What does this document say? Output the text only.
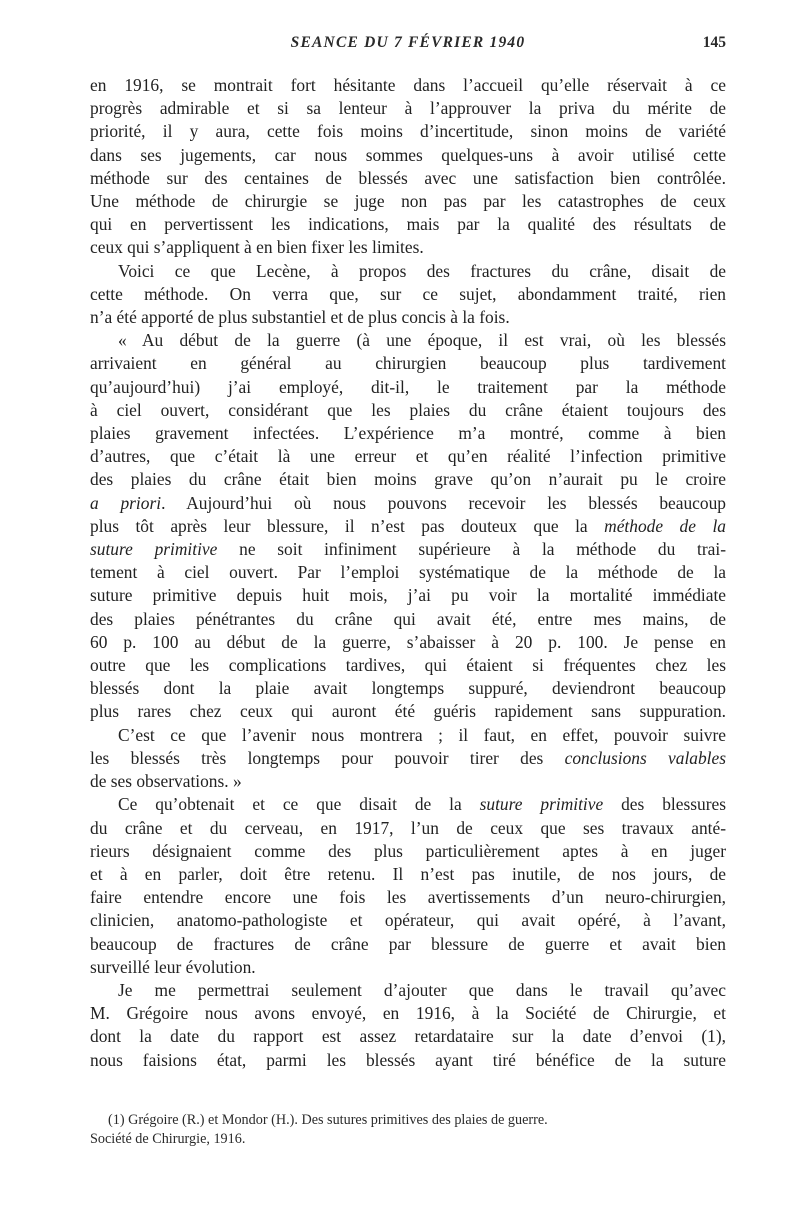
SEANCE DU 7 FÉVRIER 1940	145
en 1916, se montrait fort hésitante dans l’accueil qu’elle réservait à ce
progrès admirable et si sa lenteur à l’approuver la priva du mérite de
priorité, il y aura, cette fois moins d’incertitude, sinon moins de variété
dans ses jugements, car nous sommes quelques-uns à avoir utilisé cette
méthode sur des centaines de blessés avec une satisfaction bien contrôlée.
Une méthode de chirurgie se juge non pas par les catastrophes de ceux
qui en pervertissent les indications, mais par la qualité des résultats de
ceux qui s’appliquent à en bien fixer les limites.
Voici ce que Lecène, à propos des fractures du crâne, disait de
cette méthode. On verra que, sur ce sujet, abondamment traité, rien
n’a été apporté de plus substantiel et de plus concis à la fois.
« Au début de la guerre (à une époque, il est vrai, où les blessés
arrivaient en général au chirurgien beaucoup plus tardivement
qu’aujourd’hui) j’ai employé, dit-il, le traitement par la méthode
à ciel ouvert, considérant que les plaies du crâne étaient toujours des
plaies gravement infectées. L’expérience m’a montré, comme à bien
d’autres, que c’était là une erreur et qu’en réalité l’infection primitive
des plaies du crâne était bien moins grave qu’on n’aurait pu le croire
a priori. Aujourd’hui où nous pouvons recevoir les blessés beaucoup
plus tôt après leur blessure, il n’est pas douteux que la méthode de la
suture primitive ne soit infiniment supérieure à la méthode du trai-
tement à ciel ouvert. Par l’emploi systématique de la méthode de la
suture primitive depuis huit mois, j’ai pu voir la mortalité immédiate
des plaies pénétrantes du crâne qui avait été, entre mes mains, de
60 p. 100 au début de la guerre, s’abaisser à 20 p. 100. Je pense en
outre que les complications tardives, qui étaient si fréquentes chez les
blessés dont la plaie avait longtemps suppuré, deviendront beaucoup
plus rares chez ceux qui auront été guéris rapidement sans suppuration.
C’est ce que l’avenir nous montrera ; il faut, en effet, pouvoir suivre
les blessés très longtemps pour pouvoir tirer des conclusions valables
de ses observations. »
Ce qu’obtenait et ce que disait de la suture primitive des blessures
du crâne et du cerveau, en 1917, l’un de ceux que ses travaux anté-
rieurs désignaient comme des plus particulièrement aptes à en juger
et à en parler, doit être retenu. Il n’est pas inutile, de nos jours, de
faire entendre encore une fois les avertissements d’un neuro-chirurgien,
clinicien, anatomo-pathologiste et opérateur, qui avait opéré, à l’avant,
beaucoup de fractures de crâne par blessure de guerre et avait bien
surveillé leur évolution.
Je me permettrai seulement d’ajouter que dans le travail qu’avec
M. Grégoire nous avons envoyé, en 1916, à la Société de Chirurgie, et
dont la date du rapport est assez retardataire sur la date d’envoi (1),
nous faisions état, parmi les blessés ayant tiré bénéfice de la suture
(1) Grégoire (R.) et Mondor (H.). Des sutures primitives des plaies de guerre.
Société de Chirurgie, 1916.
